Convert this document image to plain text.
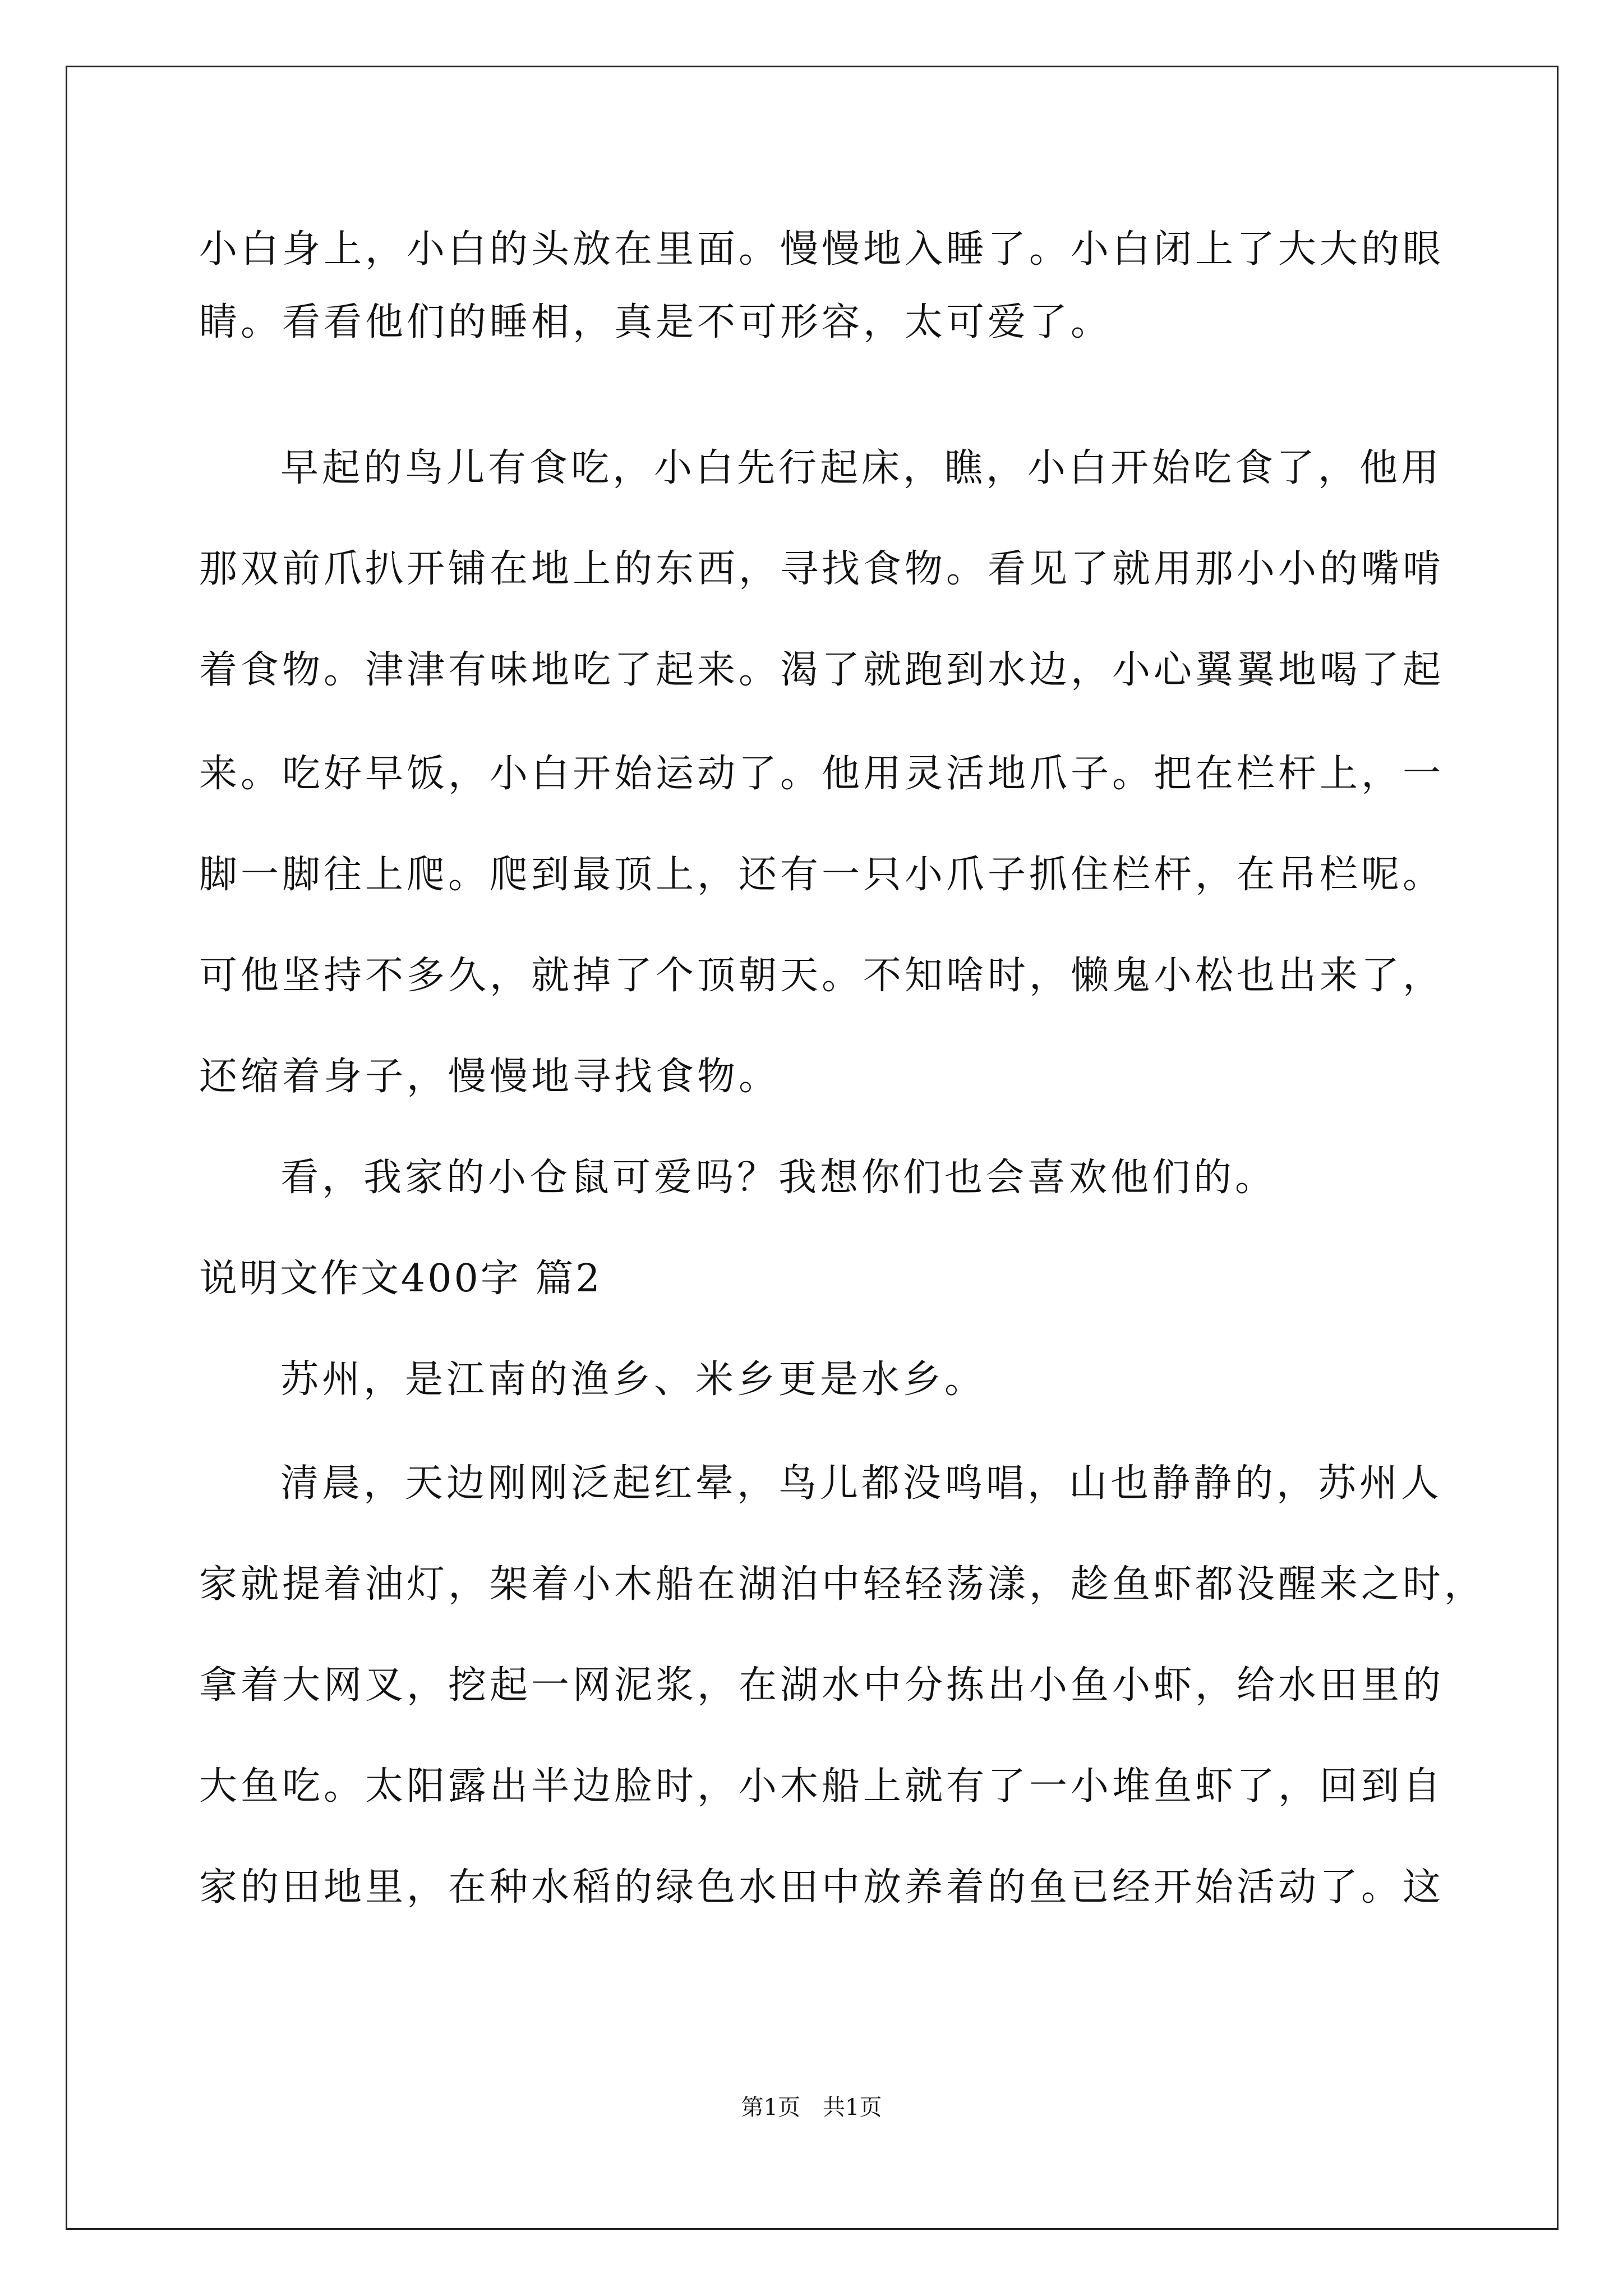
小白身上，小白的头放在里面。慢慢地入睡了。小白闭上了大大的眼
睛。看看他们的睡相，真是不可形容，太可爱了。
早起的鸟儿有食吃，小白先行起床，瞧，小白开始吃食了，他用
那双前爪扒开铺在地上的东西，寻找食物。看见了就用那小小的嘴啃
着食物。津津有味地吃了起来。渴了就跑到水边，小心翼翼地喝了起
来。吃好早饭，小白开始运动了。他用灵活地爪子。把在栏杆上，一
脚一脚往上爬。爬到最顶上，还有一只小爪子抓住栏杆，在吊栏呢。
可他坚持不多久，就掉了个顶朝天。不知啥时，懒鬼小松也出来了，
还缩着身子，慢慢地寻找食物。
看，我家的小仓鼠可爱吗？我想你们也会喜欢他们的。
说明文作文400字 篇2
苏州，是江南的渔乡、米乡更是水乡。
清晨，天边刚刚泛起红晕，鸟儿都没鸣唱，山也静静的，苏州人
家就提着油灯，架着小木船在湖泊中轻轻荡漾，趁鱼虾都没醒来之时，
拿着大网叉，挖起一网泥浆，在湖水中分拣出小鱼小虾，给水田里的
大鱼吃。太阳露出半边脸时，小木船上就有了一小堆鱼虾了，回到自
家的田地里，在种水稻的绿色水田中放养着的鱼已经开始活动了。这
第1页　共1页
